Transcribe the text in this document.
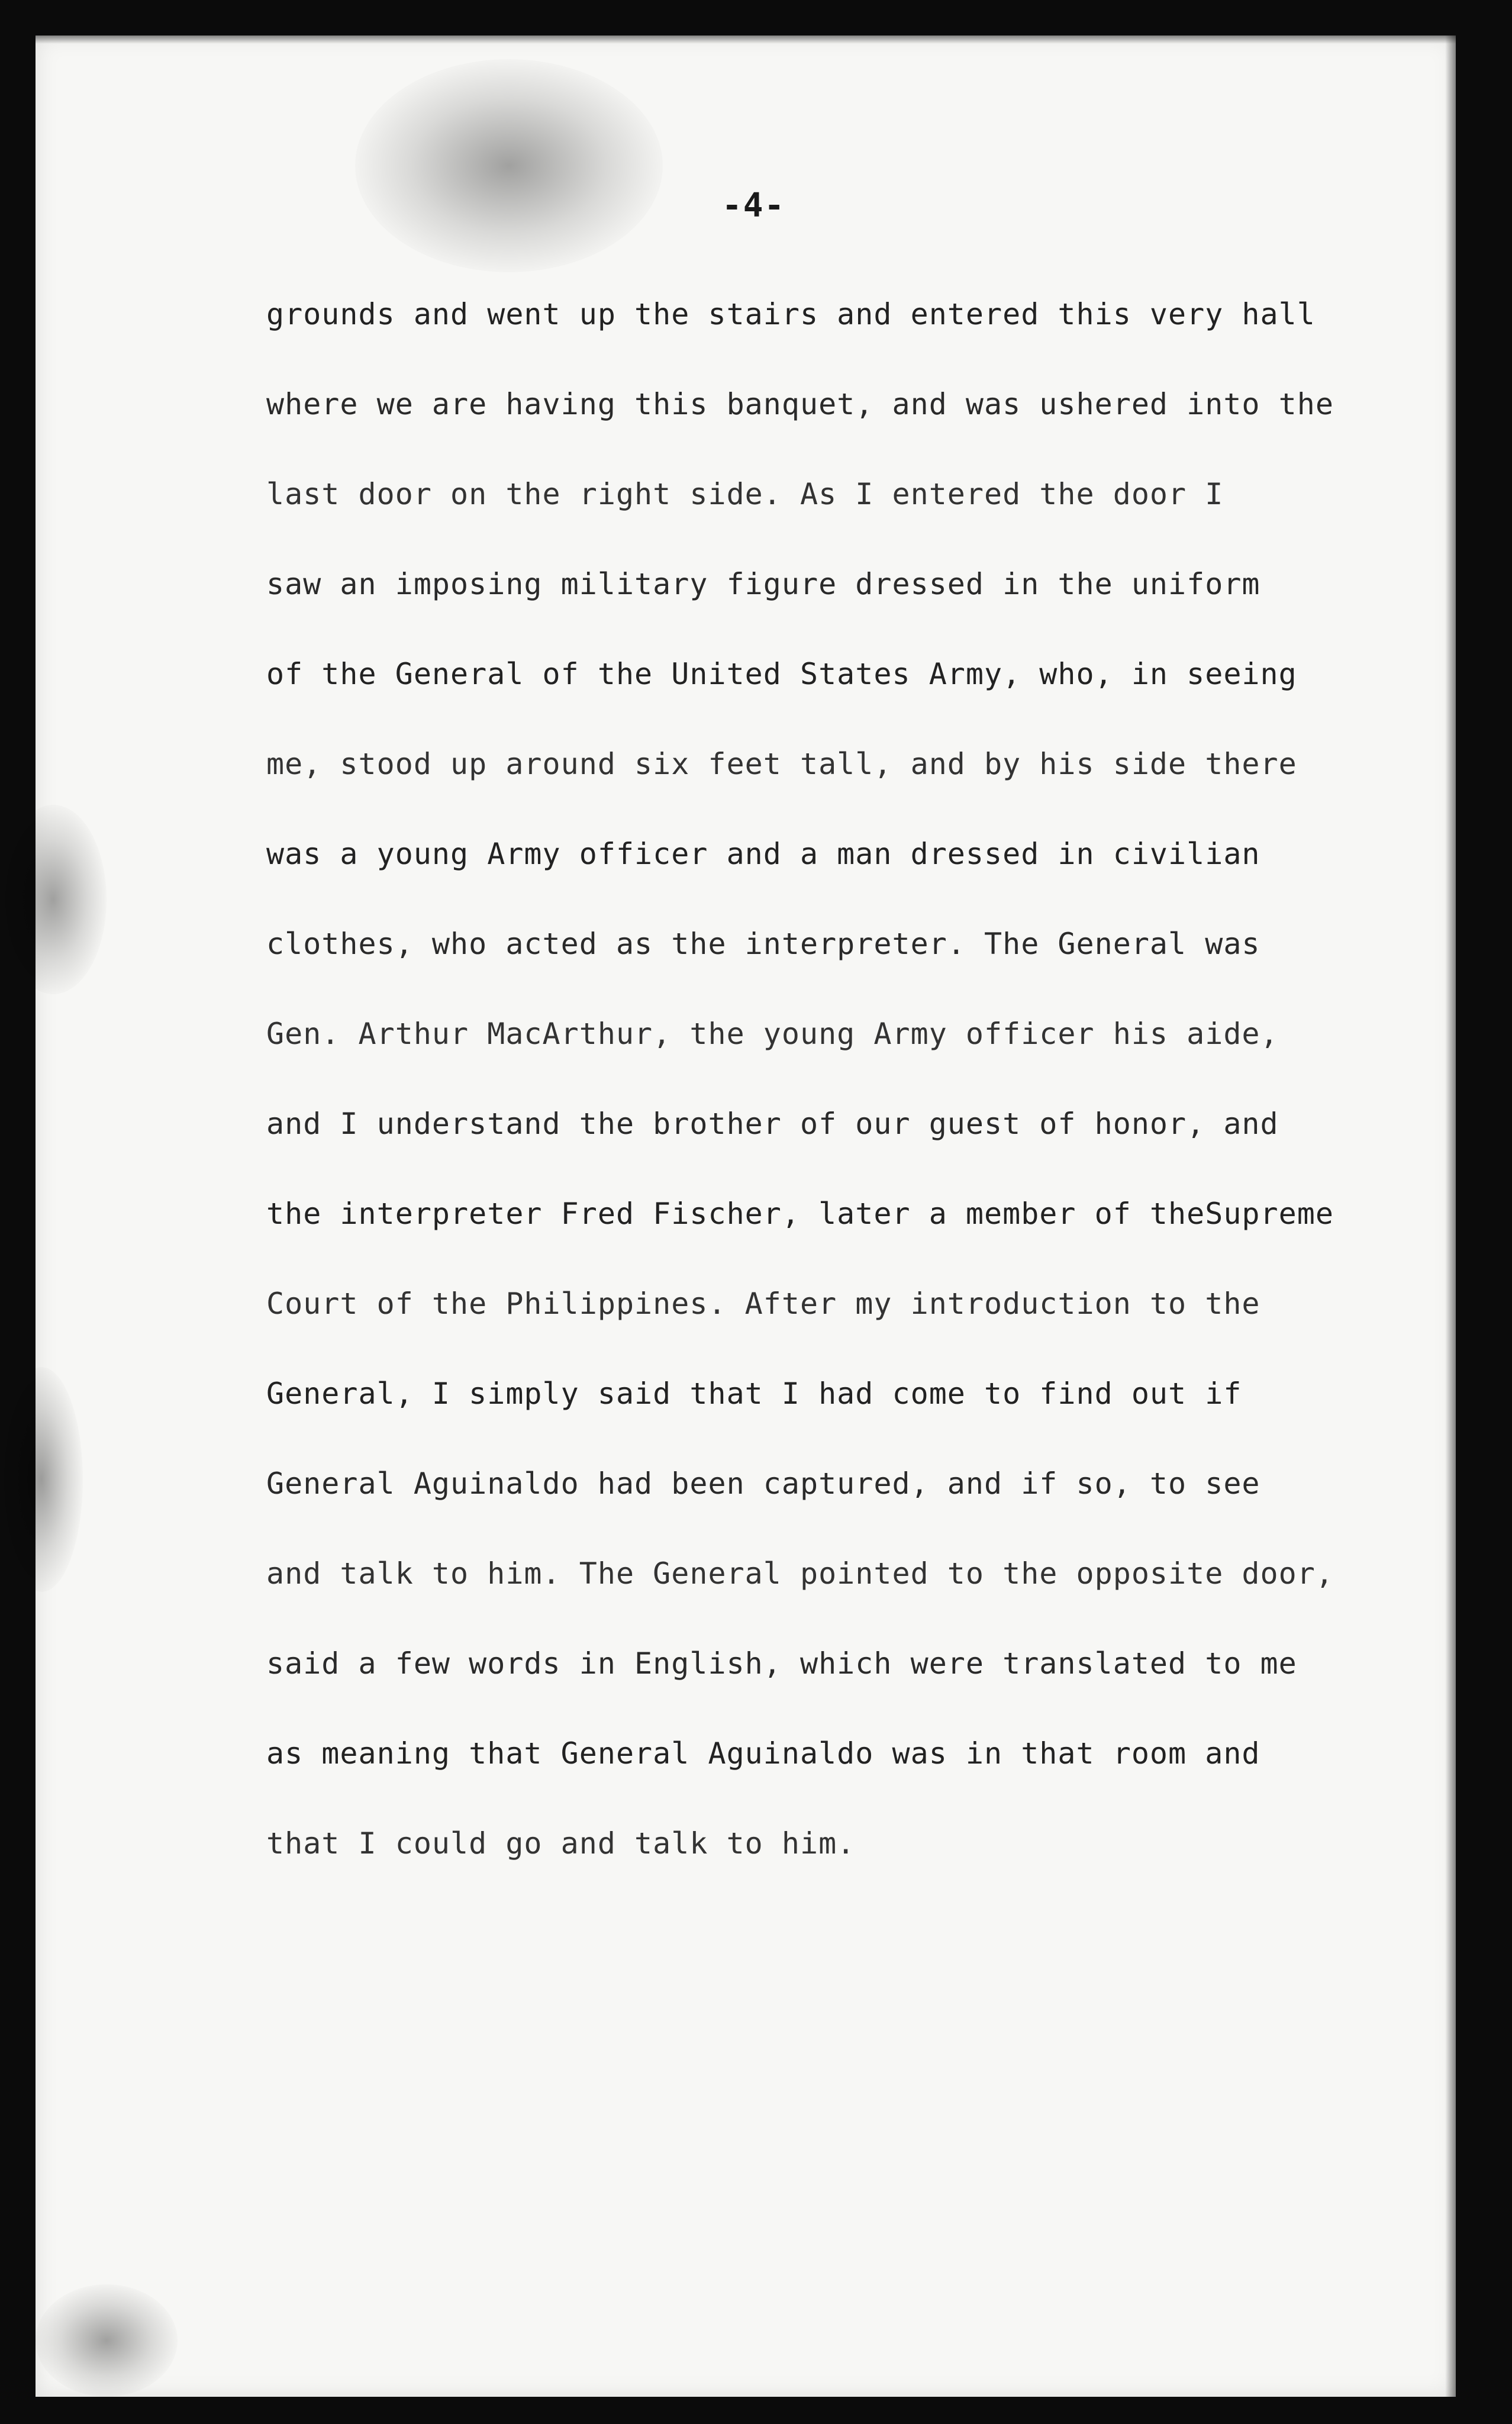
-4-
grounds and went up the stairs and entered this very hall
where we are having this banquet, and was ushered into the
last door on the right side. As I entered the door I
saw an imposing military figure dressed in the uniform
of the General of the United States Army, who, in seeing
me, stood up around six feet tall, and by his side there
was a young Army officer and a man dressed in civilian
clothes, who acted as the interpreter. The General was
Gen. Arthur MacArthur, the young Army officer his aide,
and I understand the brother of our guest of honor, and
the interpreter Fred Fischer, later a member of theSupreme
Court of the Philippines. After my introduction to the
General, I simply said that I had come to find out if
General Aguinaldo had been captured, and if so, to see
and talk to him. The General pointed to the opposite door,
said a few words in English, which were translated to me
as meaning that General Aguinaldo was in that room and
that I could go and talk to him.
